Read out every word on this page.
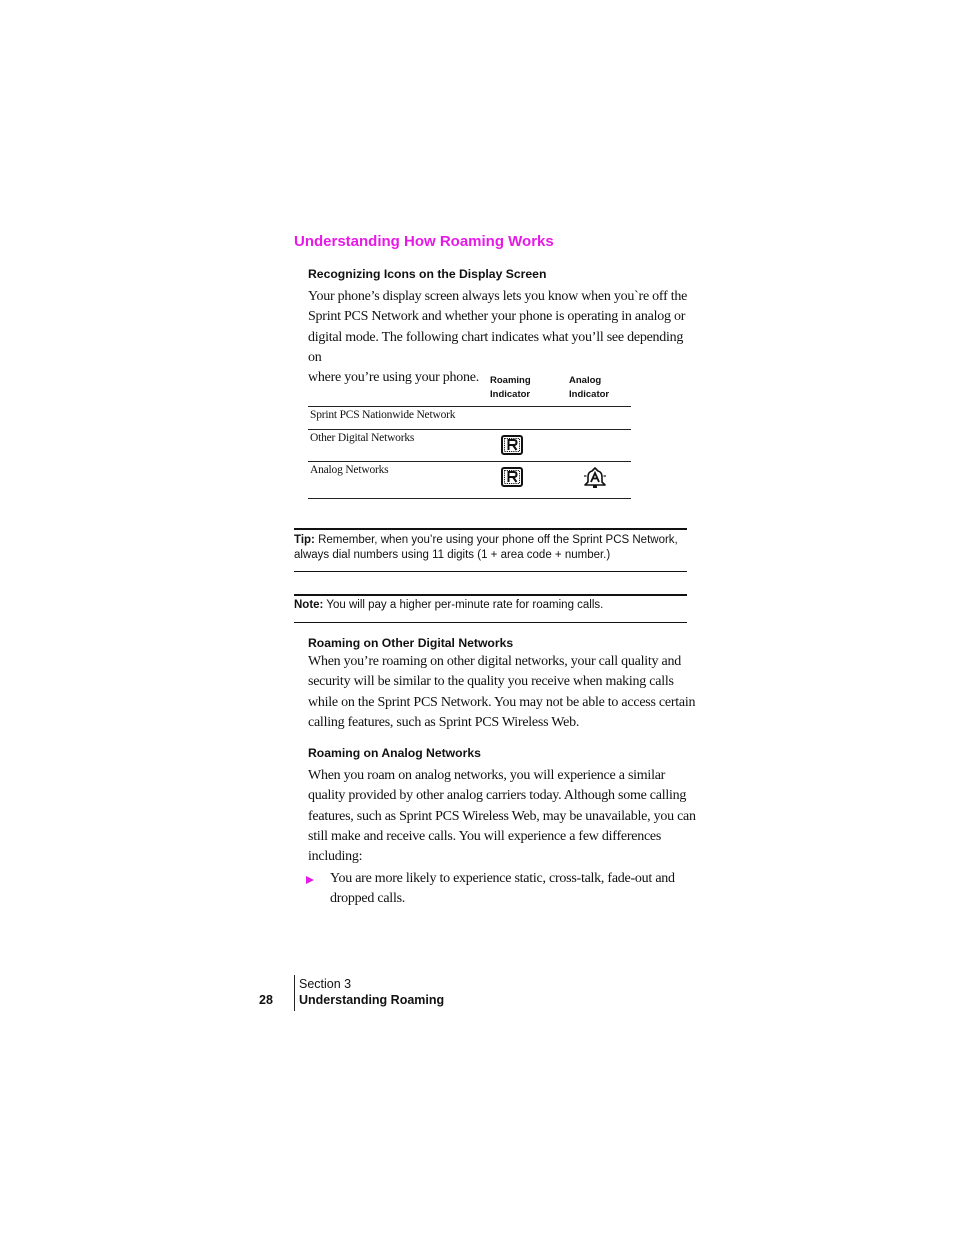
Understanding How Roaming Works
Recognizing Icons on the Display Screen
Your phone’s display screen always lets you know when you`re off the
Sprint PCS Network and whether your phone is operating in analog or
digital mode. The following chart indicates what you’ll see depending on
where you’re using your phone.	Roaming
Indicator
Analog
Indicator
Sprint PCS Nationwide Network
Other Digital Networks
Analog Networks
Tip: Remember, when you’re using your phone off the Sprint PCS Network,
always dial numbers using 11 digits (1 + area code + number.)
Note: You will pay a higher per-minute rate for roaming calls.
Roaming on Other Digital Networks
When you’re roaming on other digital networks, your call quality and
security will be similar to the quality you receive when making calls
while on the Sprint PCS Network. You may not be able to access certain
calling features, such as Sprint PCS Wireless Web.
Roaming on Analog Networks
When you roam on analog networks, you will experience a similar
quality provided by other analog carriers today. Although some calling
features, such as Sprint PCS Wireless Web, may be unavailable, you can
still make and receive calls. You will experience a few differences
including:
You are more likely to experience static, cross-talk, fade-out and
dropped calls.
28
Section 3
Understanding Roaming
